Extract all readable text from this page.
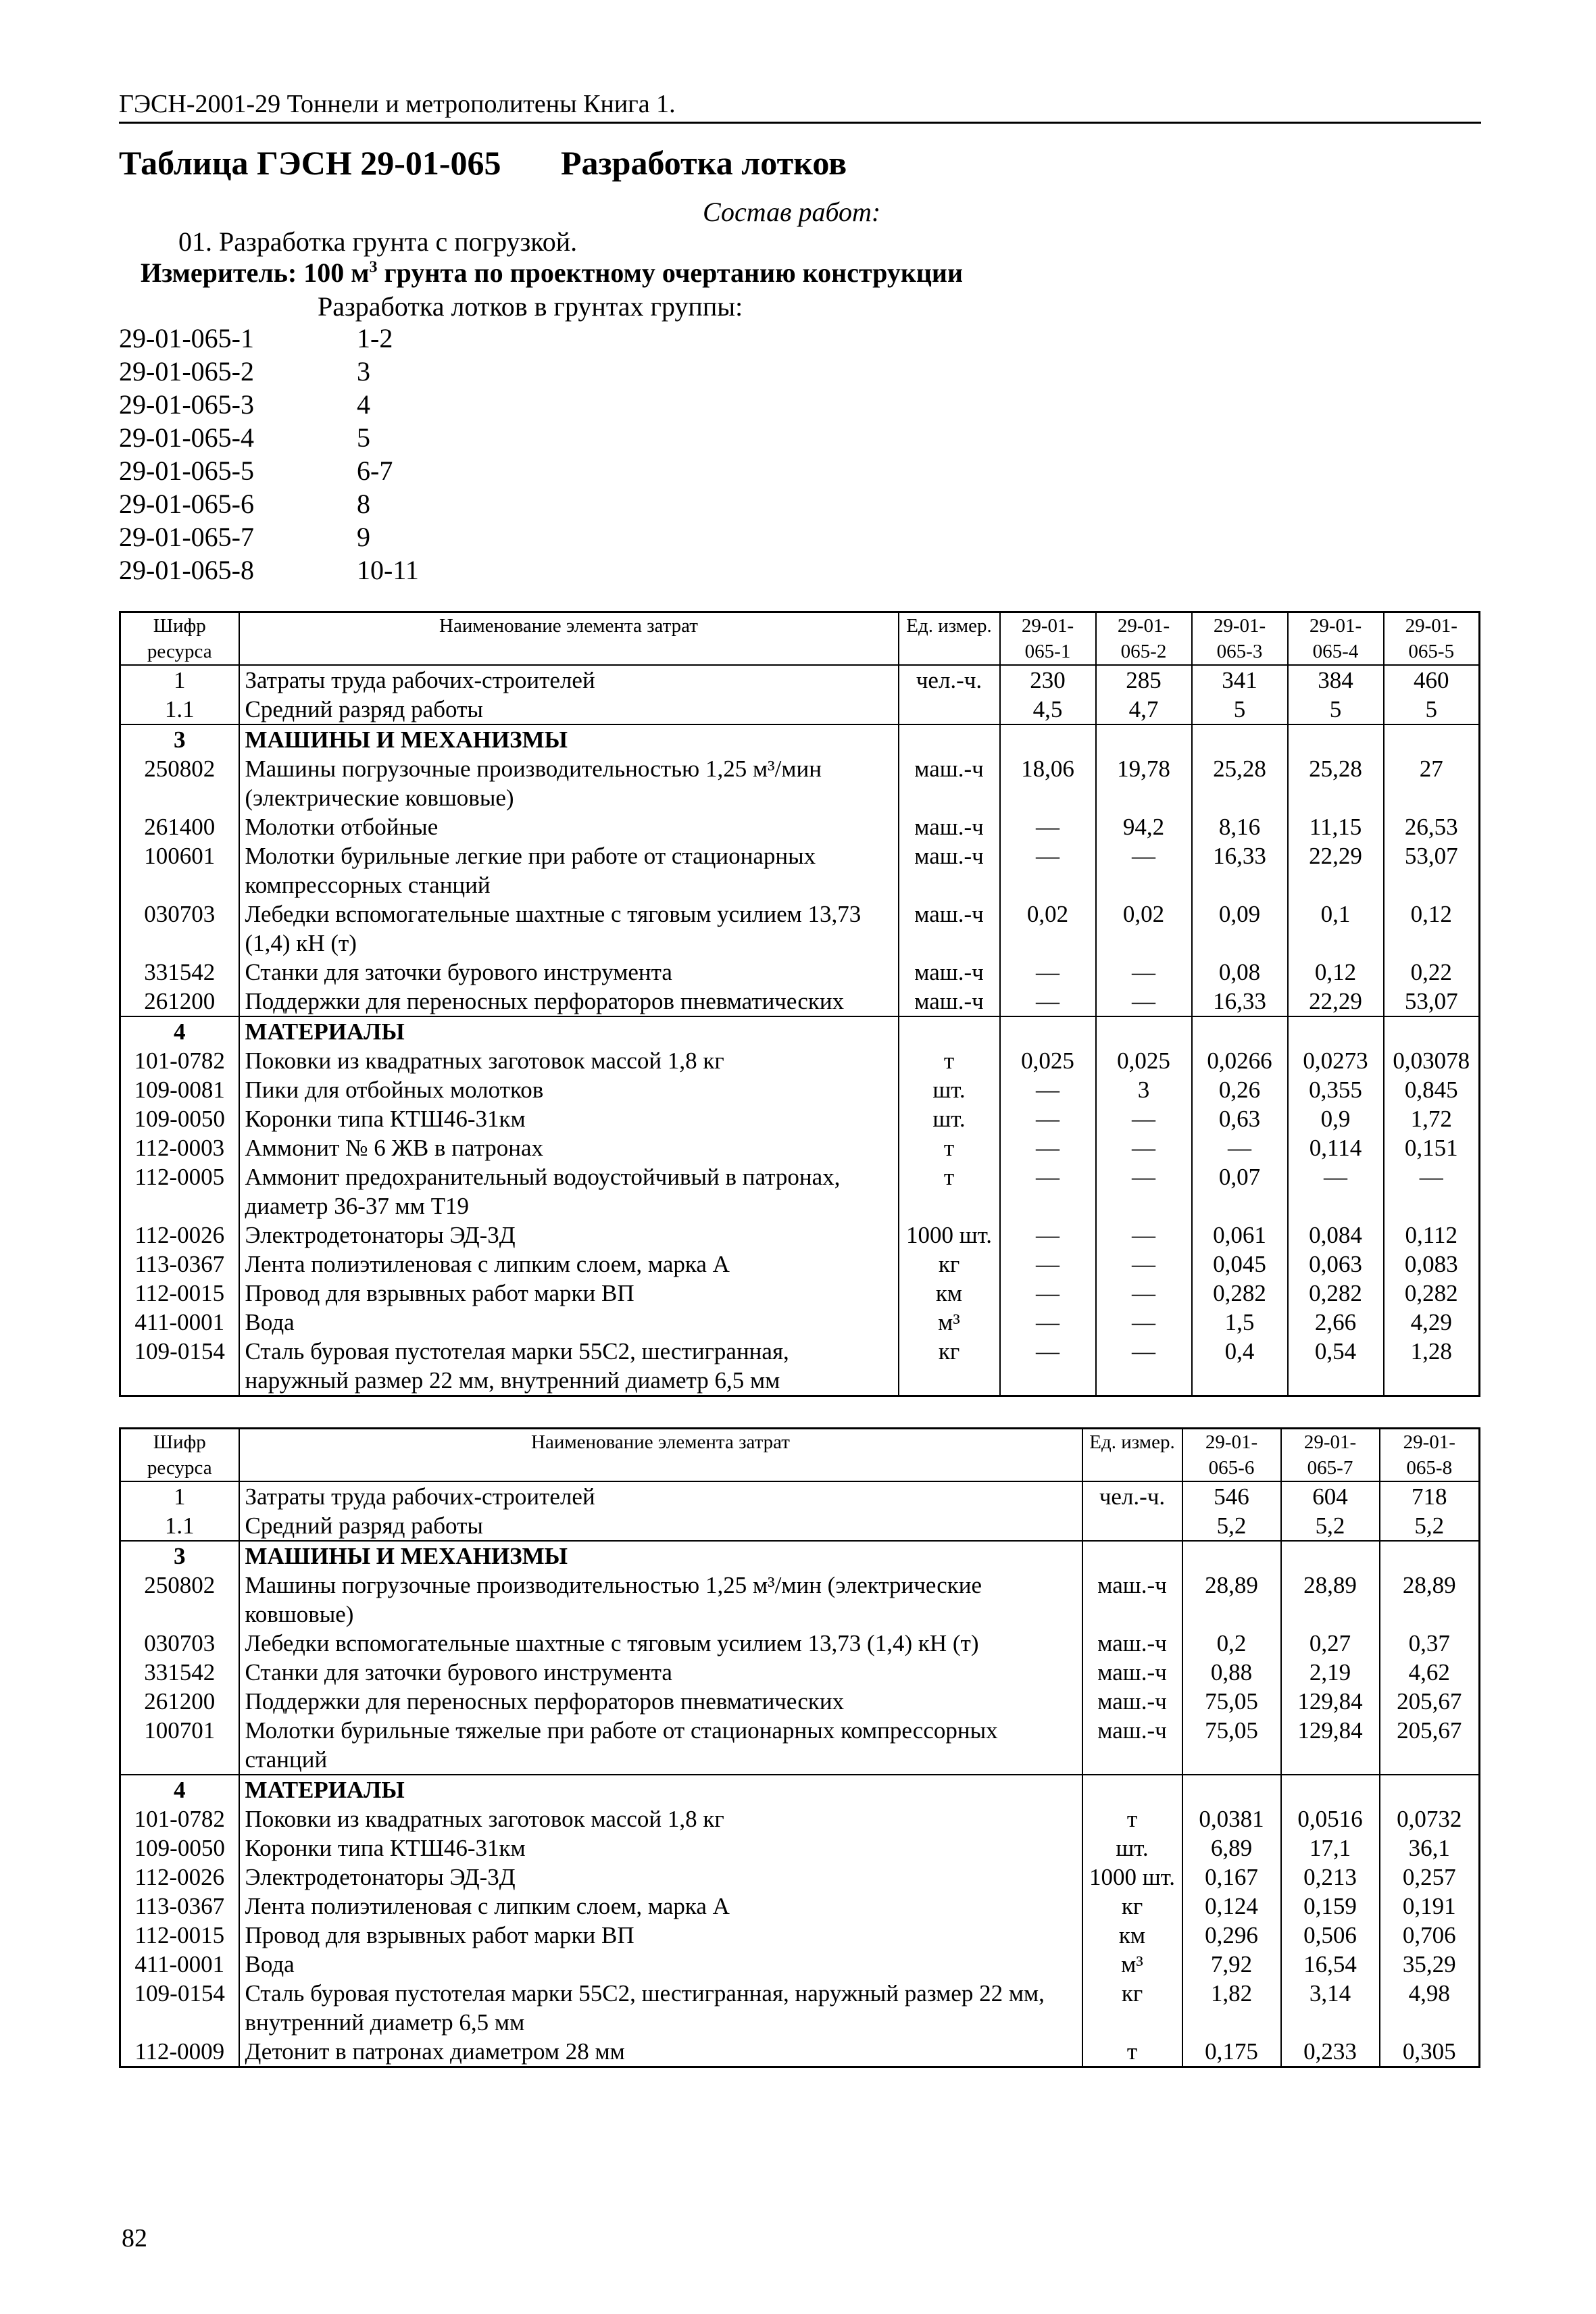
ГЭСН-2001-29 Тоннели и метрополитены Книга 1.
Таблица ГЭСН 29-01-065 Разработка лотков
Состав работ:
01. Разработка грунта с погрузкой.
Измеритель: 100 $м^3$ грунта по проектному очертанию конструкции
Разработка лотков в грунтах группы:
29-01-065-1	1-2
29-01-065-2	3
29-01-065-3	4
29-01-065-4	5
29-01-065-5	6-7
29-01-065-6	8
29-01-065-7	9
29-01-065-8	10-11
Шифр ресурса	Наименование элемента затрат	Ед. измер.	29-01-065-1	29-01-065-2	29-01-065-3	29-01-065-4	29-01-065-5
1	Затраты труда рабочих-строителей	чел.-ч.	230	285	341	384	460
1.1	Средний разряд работы		4,5	4,7	5	5	5
3	МАШИНЫ И МЕХАНИЗМЫ						
250802	Машины погрузочные производительностью 1,25 м³/мин (электрические ковшовые)	маш.-ч	18,06	19,78	25,28	25,28	27
261400	Молотки отбойные	маш.-ч	—	94,2	8,16	11,15	26,53
100601	Молотки бурильные легкие при работе от стационарных компрессорных станций	маш.-ч	—	—	16,33	22,29	53,07
030703	Лебедки вспомогательные шахтные с тяговым усилием 13,73 (1,4) кН (т)	маш.-ч	0,02	0,02	0,09	0,1	0,12
331542	Станки для заточки бурового инструмента	маш.-ч	—	—	0,08	0,12	0,22
261200	Поддержки для переносных перфораторов пневматических	маш.-ч	—	—	16,33	22,29	53,07
4	МАТЕРИАЛЫ						
101-0782	Поковки из квадратных заготовок массой 1,8 кг	т	0,025	0,025	0,0266	0,0273	0,03078
109-0081	Пики для отбойных молотков	шт.	—	3	0,26	0,355	0,845
109-0050	Коронки типа КТШ46-31км	шт.	—	—	0,63	0,9	1,72
112-0003	Аммонит № 6 ЖВ в патронах	т	—	—	—	0,114	0,151
112-0005	Аммонит предохранительный водоустойчивый в патронах, диаметр 36-37 мм Т19	т	—	—	0,07	—	—
112-0026	Электродетонаторы ЭД-3Д	1000 шт.	—	—	0,061	0,084	0,112
113-0367	Лента полиэтиленовая с липким слоем, марка А	кг	—	—	0,045	0,063	0,083
112-0015	Провод для взрывных работ марки ВП	км	—	—	0,282	0,282	0,282
411-0001	Вода	м³	—	—	1,5	2,66	4,29
109-0154	Сталь буровая пустотелая марки 55С2, шестигранная, наружный размер 22 мм, внутренний диаметр 6,5 мм	кг	—	—	0,4	0,54	1,28
Шифр ресурса	Наименование элемента затрат	Ед. измер.	29-01-065-6	29-01-065-7	29-01-065-8
1	Затраты труда рабочих-строителей	чел.-ч.	546	604	718
1.1	Средний разряд работы		5,2	5,2	5,2
3	МАШИНЫ И МЕХАНИЗМЫ				
250802	Машины погрузочные производительностью 1,25 м³/мин (электрические ковшовые)	маш.-ч	28,89	28,89	28,89
030703	Лебедки вспомогательные шахтные с тяговым усилием 13,73 (1,4) кН (т)	маш.-ч	0,2	0,27	0,37
331542	Станки для заточки бурового инструмента	маш.-ч	0,88	2,19	4,62
261200	Поддержки для переносных перфораторов пневматических	маш.-ч	75,05	129,84	205,67
100701	Молотки бурильные тяжелые при работе от стационарных компрессорных станций	маш.-ч	75,05	129,84	205,67
4	МАТЕРИАЛЫ				
101-0782	Поковки из квадратных заготовок массой 1,8 кг	т	0,0381	0,0516	0,0732
109-0050	Коронки типа КТШ46-31км	шт.	6,89	17,1	36,1
112-0026	Электродетонаторы ЭД-3Д	1000 шт.	0,167	0,213	0,257
113-0367	Лента полиэтиленовая с липким слоем, марка А	кг	0,124	0,159	0,191
112-0015	Провод для взрывных работ марки ВП	км	0,296	0,506	0,706
411-0001	Вода	м³	7,92	16,54	35,29
109-0154	Сталь буровая пустотелая марки 55С2, шестигранная, наружный размер 22 мм, внутренний диаметр 6,5 мм	кг	1,82	3,14	4,98
112-0009	Детонит в патронах диаметром 28 мм	т	0,175	0,233	0,305
82
